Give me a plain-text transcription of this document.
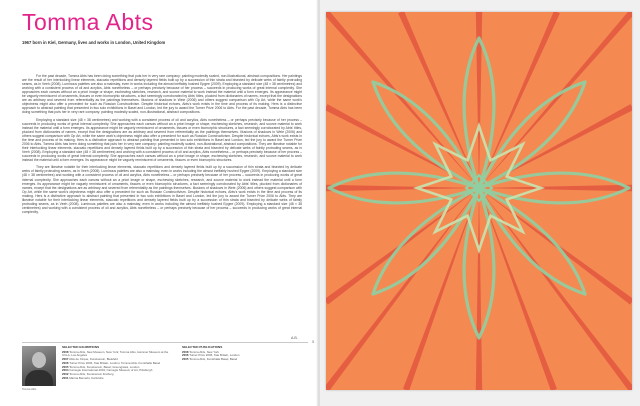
Tomma Abts
1967 born in Kiel, Germany, lives and works in London, United Kingdom

For the past decade, Tomma Abts has been doing something that puts her in very rare company: painting modestly scaled, non-illustrational, abstract compositions. Her paintings are the result of her interlocking linear elements, staccato repetitions and densely layered fields built up by a succession of thin strata and bisected by delicate webs of faintly protruding seams, as in Veeh (2008). Luminous palettes are also a mainstay, even in works including the almost ineffably hushed Epgee (2009). Employing a standard size (48 × 38 centimetres) and working with a consistent process of oil and acrylics, Abts nonetheless – or perhaps precisely because of her process – succeeds in producing works of great internal complexity. She approaches each canvas without an a priori image or shape, eschewing sketches, research, and source material to work instead the material until a form emerges. Its appearance might be vaguely reminiscent of ornaments, tissues or even biomorphic structures, a fact seemingly corroborated by Abts' titles, plucked from dictionaries of names, except that the designations are as arbitrary and severed from referentiality as the paintings themselves. Illusions of shadows in Weie (2006) and others suggest comparison with Op Art, while the same work's objectness might also offer a precedent for such as Russian Constructivism. Despite historical echoes, Abts's work exists in the time and process of its making. Hers is a distinctive approach to abstract painting that presented in two solo exhibitions in Basel and London, led the jury to award the Turner Prize 2006 to Abts. For the past decade, Tomma Abts has been doing something that puts her in very rare company: painting modestly scaled, non-illustrational, abstract compositions.

Employing a standard size (48 × 38 centimetres) and working with a consistent process of oil and acrylics, Abts nonetheless – or perhaps precisely because of her process – succeeds in producing works of great internal complexity. She approaches each canvas without an a priori image or shape, eschewing sketches, research, and source material to work instead the material until a form emerges. Its appearance might be vaguely reminiscent of ornaments, tissues or even biomorphic structures, a fact seemingly corroborated by Abts' titles, plucked from dictionaries of names, except that the designations are as arbitrary and severed from referentiality as the paintings themselves. Illusions of shadows in Weie (2006) and others suggest comparison with Op Art, while the same work's objectness might also offer a precedent for such as Russian Constructivism. Despite historical echoes, Abts's work exists in the time and process of its making. Hers is a distinctive approach to abstract painting that presented in two solo exhibitions in Basel and London, led the jury to award the Turner Prize 2006 to Abts. Tomma Abts has been doing something that puts her in very rare company: painting modestly scaled, non-illustrational, abstract compositions. They are likewise notable for their interlocking linear elements, staccato repetitions and densely layered fields built up by a succession of thin strata and bisected by delicate webs of faintly protruding seams, as in Veeh (2008). Employing a standard size (48 × 38 centimetres) and working with a consistent process of oil and acrylics, Abts nonetheless – or perhaps precisely because of her process – succeeds in producing works of great internal complexity. She approaches each canvas without an a priori image or shape, eschewing sketches, research, and source material to work instead the material until a form emerges. Its appearance might be vaguely reminiscent of ornaments, tissues or even biomorphic structures.

They are likewise notable for their interlocking linear elements, staccato repetitions and densely layered fields built up by a succession of thin strata and bisected by delicate webs of faintly protruding seams, as in Veeh (2008). Luminous palettes are also a mainstay, even in works including the almost ineffably hushed Epgee (2009). Employing a standard size (48 × 38 centimetres) and working with a consistent process of oil and acrylics, Abts nonetheless – or perhaps precisely because of her process – succeeds in producing works of great internal complexity. She approaches each canvas without an a priori image or shape, eschewing sketches, research, and source material to work instead the material until a form emerges. Its appearance might be vaguely reminiscent of ornaments, tissues or even biomorphic structures, a fact seemingly corroborated by Abts' titles, plucked from dictionaries of names, except that the designations are as arbitrary and severed from referentiality as the paintings themselves. Illusions of shadows in Weie (2006) and others suggest comparison with Op Art, while the same work's objectness might also offer a precedent for such as Russian Constructivism. Despite historical echoes, Abts's work exists in the time and process of its making. Hers is a distinctive approach to abstract painting that presented in two solo exhibitions in Basel and London, led the jury to award the Turner Prize 2006 to Abts. They are likewise notable for their interlocking linear elements, staccato repetitions and densely layered fields built up by a succession of thin strata and bisected by delicate webs of faintly protruding seams, as in Veeh (2008). Luminous palettes are also a mainstay, even in works including the almost ineffably hushed Epgee (2009). Employing a standard size (48 × 38 centimetres) and working with a consistent process of oil and acrylics, Abts nonetheless – or perhaps precisely because of her process – succeeds in producing works of great internal complexity.

A.B.
5
Tomma Abts
SELECTED EXHIBITIONS
2008 Tomma Abts, New Museum, New York; Tomma Abts, Hammer Museum at the UCLA, Los Angeles
2007 Abts de Cirque, Kunstverein, Bielefeld
2006 Turner Prize 2006, Tate Britain, London; Tomma Abts, Kunsthalle Basel
2005 Tomma Abts, Kunstverein, Basel; Greengrassi, London
2004 Carnegie International 2004, Carnegie Museum of Art, Pittsburgh
2002 Tomma Abts, Kunstverein Freiburg
2001 Marina Bemerkt, Karlsruhe
SELECTED PUBLICATIONS
2008 Tomma Abts, New York
2006 Turner Prize 2006, Tate Britain, London
2005 Tomma Abts, Kunsthalle Basel, Basel
